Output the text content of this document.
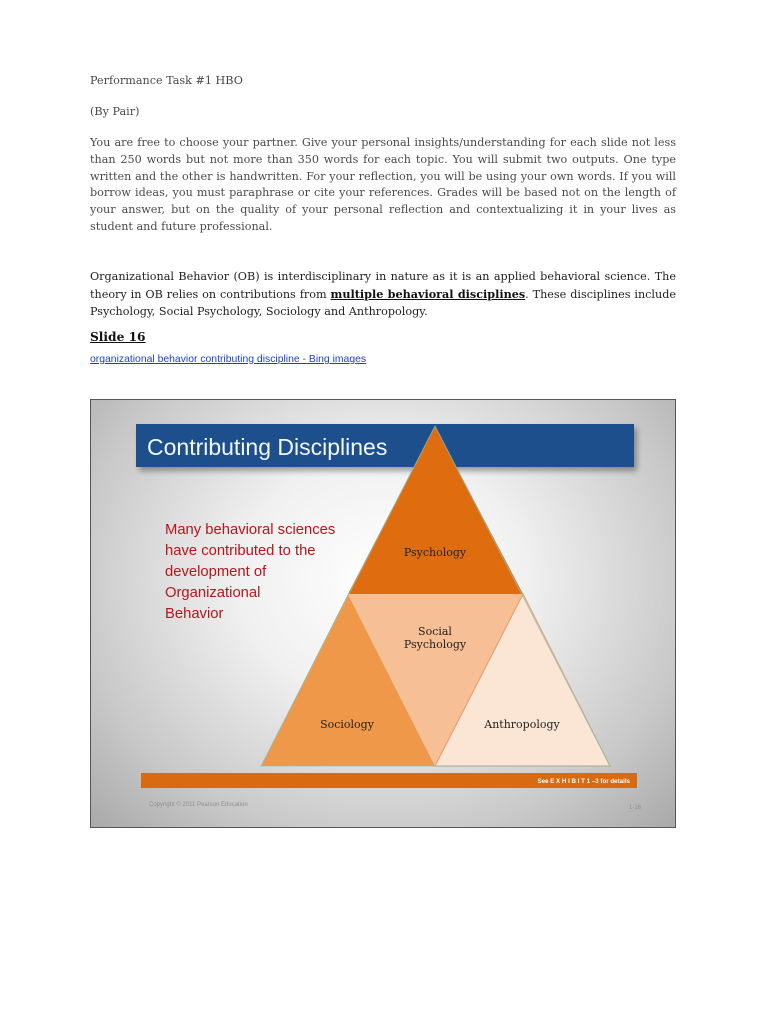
Performance Task #1 HBO

(By Pair)

You are free to choose your partner. Give your personal insights/understanding for each slide not less than 250 words but not more than 350 words for each topic. You will submit two outputs. One type written and the other is handwritten. For your reflection, you will be using your own words. If you will borrow ideas, you must paraphrase or cite your references. Grades will be based not on the length of your answer, but on the quality of your personal reflection and contextualizing it in your lives as student and future professional.

Organizational Behavior (OB) is interdisciplinary in nature as it is an applied behavioral science. The theory in OB relies on contributions from multiple behavioral disciplines. These disciplines include Psychology, Social Psychology, Sociology and Anthropology.

Slide 16
organizational behavior contributing discipline - Bing images
Contributing Disciplines
Many behavioral sciences have contributed to the development of Organizational Behavior
Psychology
Social Psychology
Sociology	Anthropology
See E X H I B I T 1 –3 for details
Copyright © 2011 Pearson Education	1-16
